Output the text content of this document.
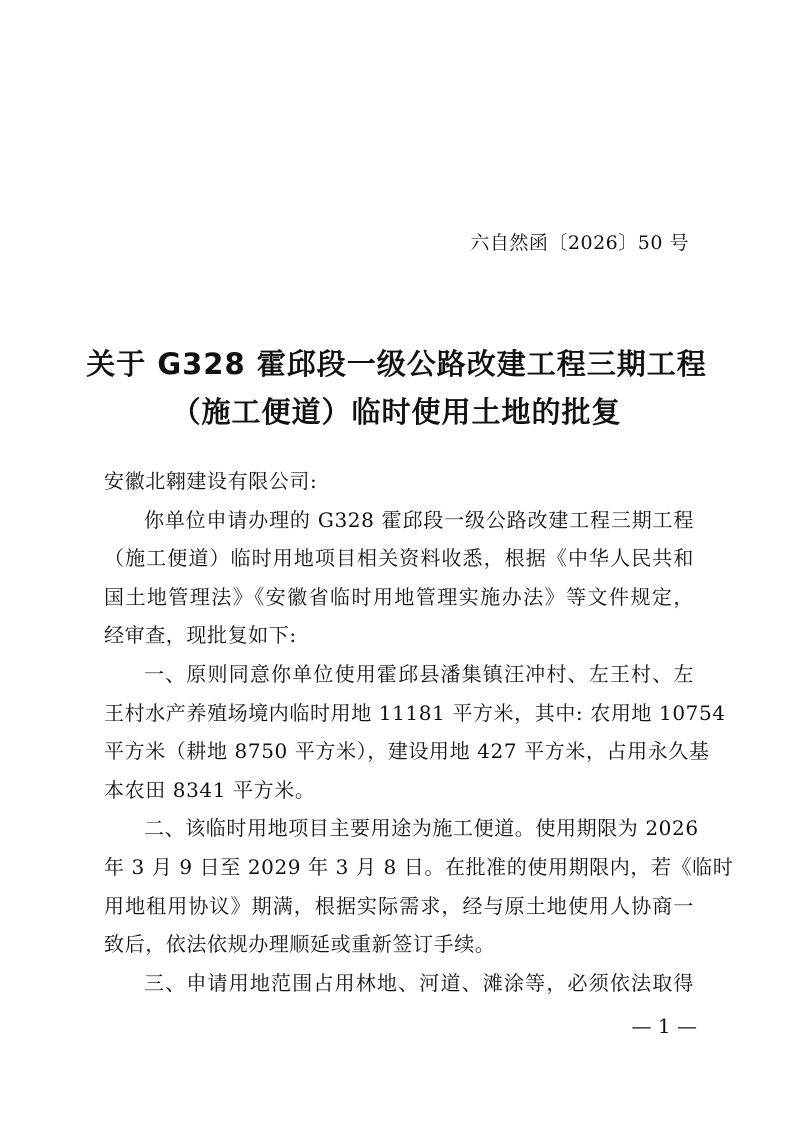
六自然函〔2026〕50 号
关于 G328 霍邱段一级公路改建工程三期工程
（施工便道）临时使用土地的批复
安徽北翱建设有限公司:
你单位申请办理的 G328 霍邱段一级公路改建工程三期工程
（施工便道）临时用地项目相关资料收悉，根据《中华人民共和
国土地管理法》《安徽省临时用地管理实施办法》等文件规定，
经审查，现批复如下:
一、原则同意你单位使用霍邱县潘集镇汪冲村、左王村、左
王村水产养殖场境内临时用地 11181 平方米，其中: 农用地 10754
平方米（耕地 8750 平方米），建设用地 427 平方米，占用永久基
本农田 8341 平方米。
二、该临时用地项目主要用途为施工便道。使用期限为 2026
年 3 月 9 日至 2029 年 3 月 8 日。在批准的使用期限内，若《临时
用地租用协议》期满，根据实际需求，经与原土地使用人协商一
致后，依法依规办理顺延或重新签订手续。
三、申请用地范围占用林地、河道、滩涂等，必须依法取得
— 1 —
